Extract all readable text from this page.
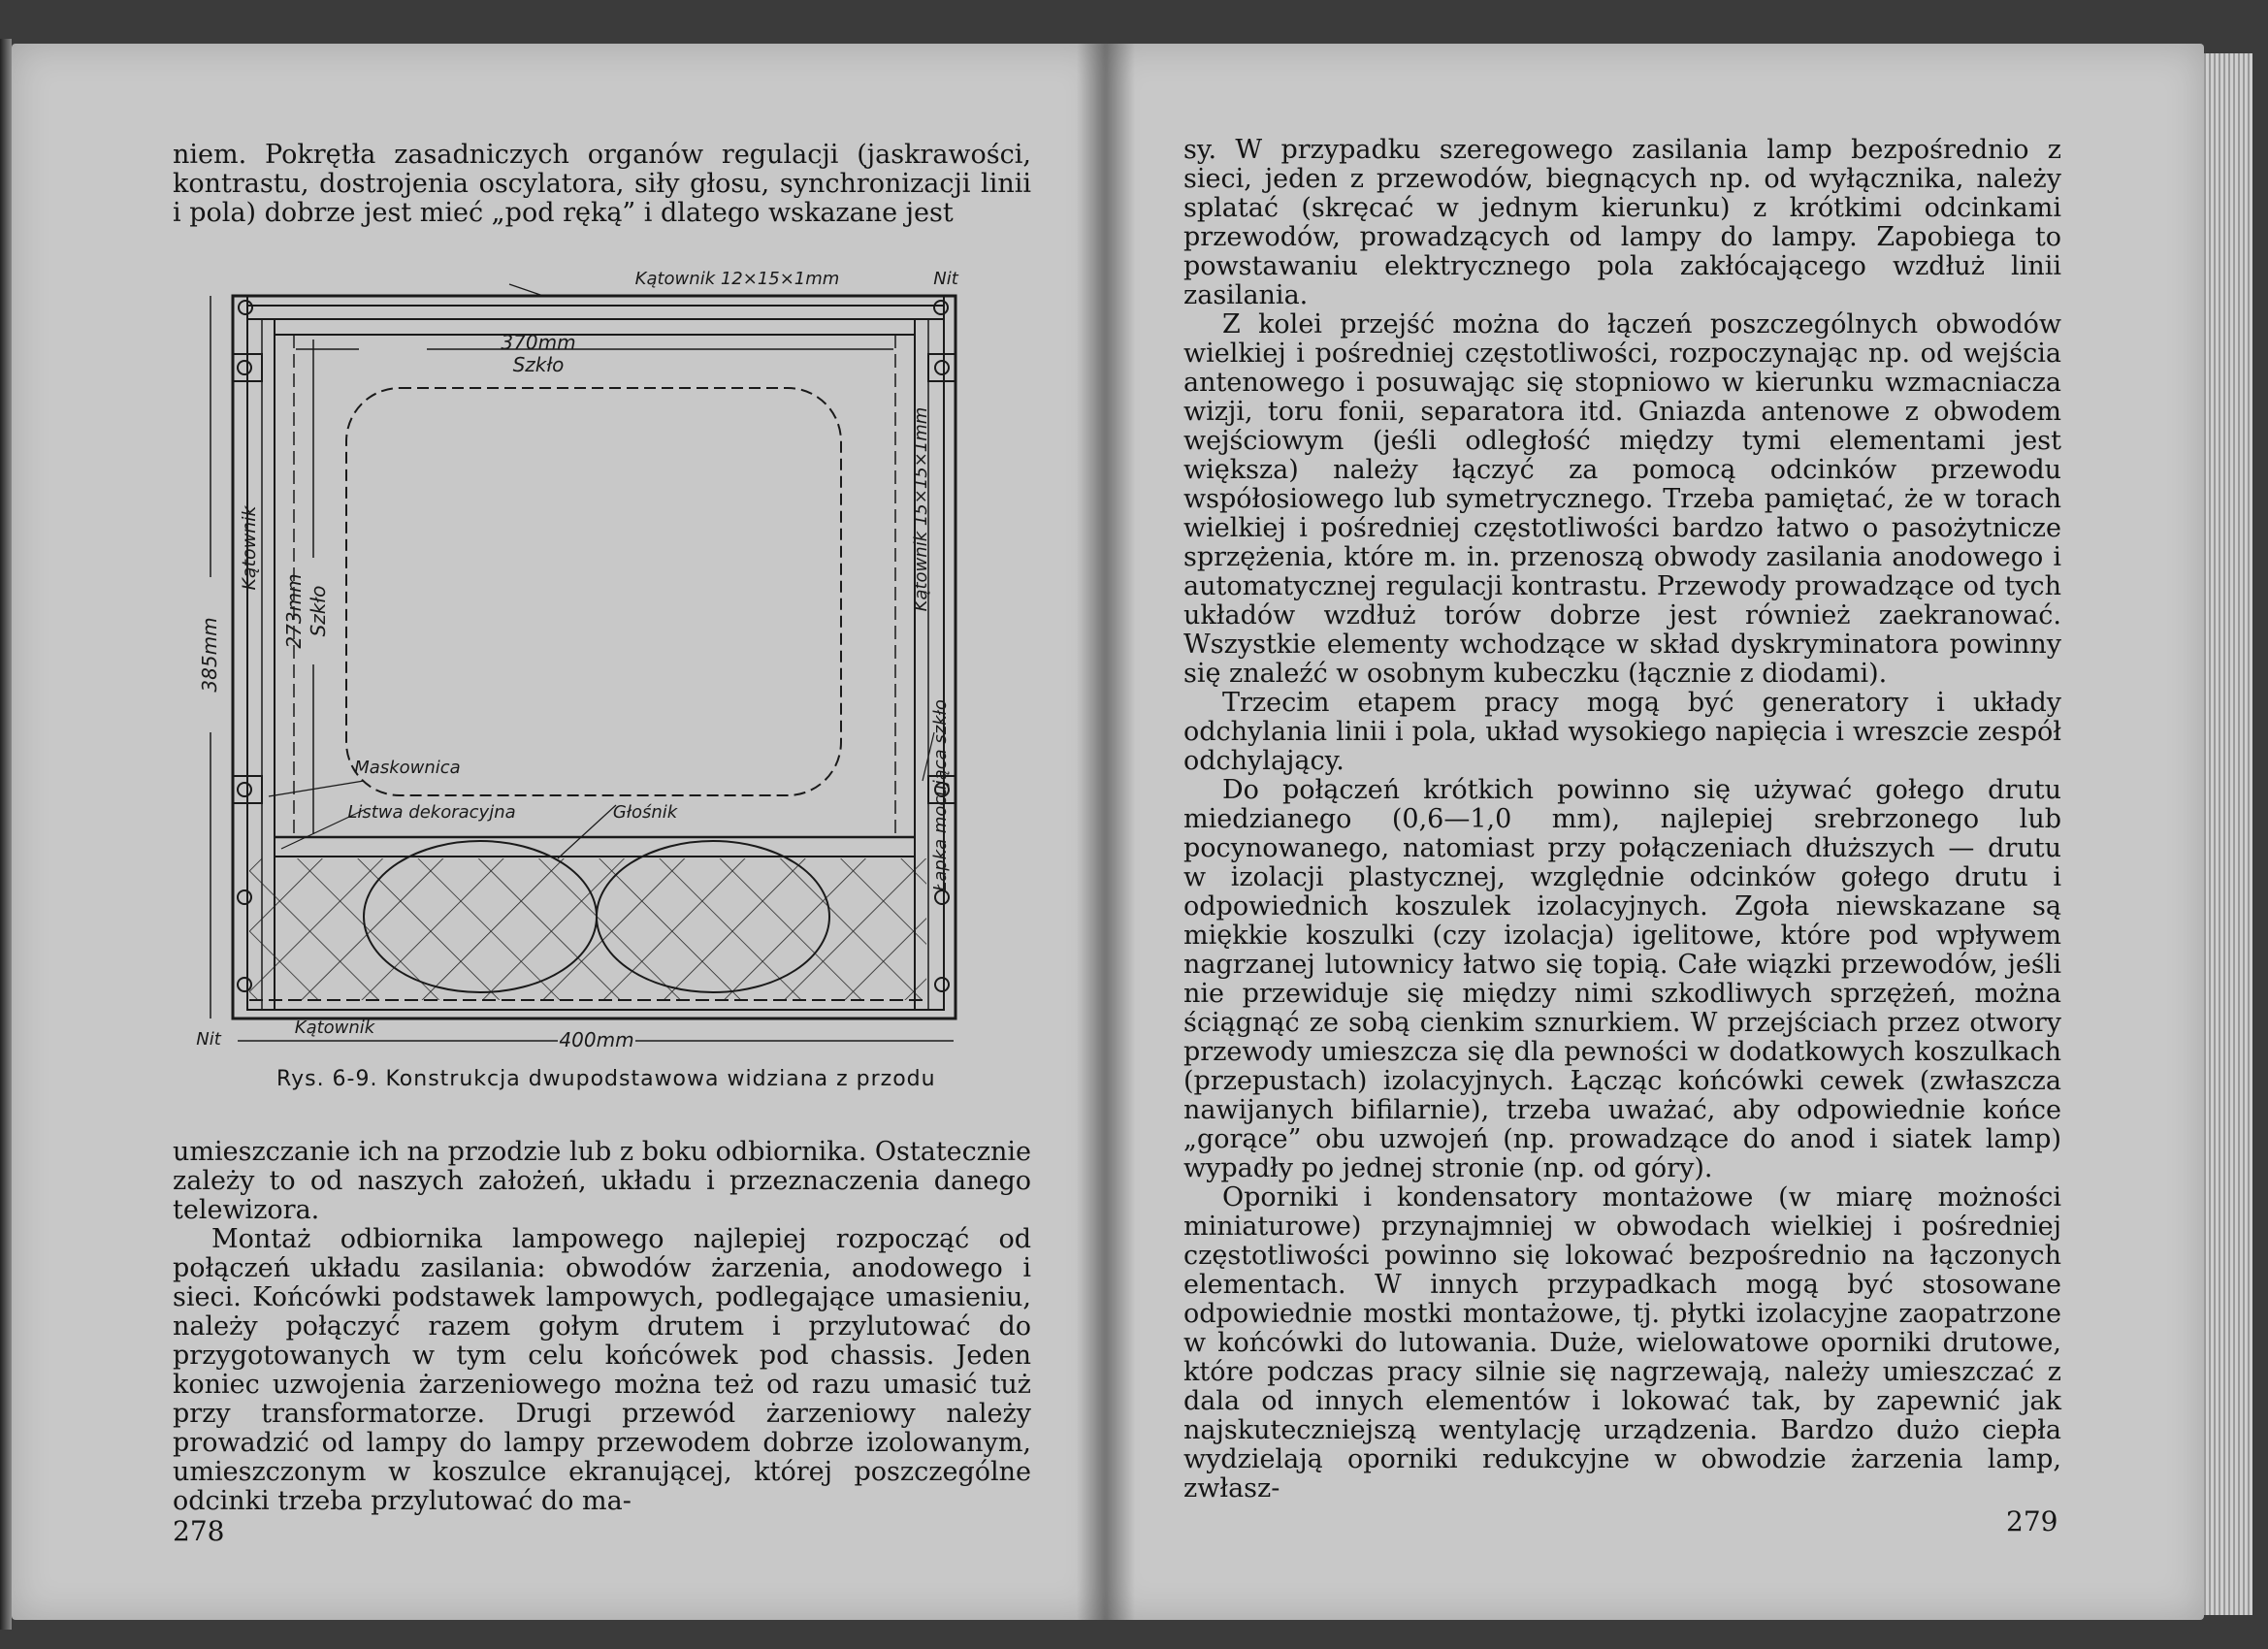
niem. Pokrętła zasadniczych organów regulacji (jaskrawości, kontrastu, dostrojenia oscylatora, siły głosu, synchronizacji linii i pola) dobrze jest mieć „pod ręką” i dlatego wskazane jest

Kątownik 12×15×1mm	Nit
370mm
Szkło
273mm Szkło
Kątownik
385mm
Kątownik 15×15×1mm
Maskownica
Listwa dekoracyjna	Głośnik	Łapka mocująca szkło
Nit
Kątownik
400mm
Rys. 6-9. Konstrukcja dwupodstawowa widziana z przodu

umieszczanie ich na przodzie lub z boku odbiornika. Ostatecznie zależy to od naszych założeń, układu i przeznaczenia danego telewizora.

Montaż odbiornika lampowego najlepiej rozpocząć od połączeń układu zasilania: obwodów żarzenia, anodowego i sieci. Końcówki podstawek lampowych, podlegające umasieniu, należy połączyć razem gołym drutem i przylutować do przygotowanych w tym celu końcówek pod chassis. Jeden koniec uzwojenia żarzeniowego można też od razu umasić tuż przy transformatorze. Drugi przewód żarzeniowy należy prowadzić od lampy do lampy przewodem dobrze izolowanym, umieszczonym w koszulce ekranującej, której poszczególne odcinki trzeba przylutować do ma-

278

sy. W przypadku szeregowego zasilania lamp bezpośrednio z sieci, jeden z przewodów, biegnących np. od wyłącznika, należy splatać (skręcać w jednym kierunku) z krótkimi odcinkami przewodów, prowadzących od lampy do lampy. Zapobiega to powstawaniu elektrycznego pola zakłócającego wzdłuż linii zasilania.

Z kolei przejść można do łączeń poszczególnych obwodów wielkiej i pośredniej częstotliwości, rozpoczynając np. od wejścia antenowego i posuwając się stopniowo w kierunku wzmacniacza wizji, toru fonii, separatora itd. Gniazda antenowe z obwodem wejściowym (jeśli odległość między tymi elementami jest większa) należy łączyć za pomocą odcinków przewodu współosiowego lub symetrycznego. Trzeba pamiętać, że w torach wielkiej i pośredniej częstotliwości bardzo łatwo o pasożytnicze sprzężenia, które m. in. przenoszą obwody zasilania anodowego i automatycznej regulacji kontrastu. Przewody prowadzące od tych układów wzdłuż torów dobrze jest również zaekranować. Wszystkie elementy wchodzące w skład dyskryminatora powinny się znaleźć w osobnym kubeczku (łącznie z diodami).

Trzecim etapem pracy mogą być generatory i układy odchylania linii i pola, układ wysokiego napięcia i wreszcie zespół odchylający.

Do połączeń krótkich powinno się używać gołego drutu miedzianego (0,6—1,0 mm), najlepiej srebrzonego lub pocynowanego, natomiast przy połączeniach dłuższych — drutu w izolacji plastycznej, względnie odcinków gołego drutu i odpowiednich koszulek izolacyjnych. Zgoła niewskazane są miękkie koszulki (czy izolacja) igelitowe, które pod wpływem nagrzanej lutownicy łatwo się topią. Całe wiązki przewodów, jeśli nie przewiduje się między nimi szkodliwych sprzężeń, można ściągnąć ze sobą cienkim sznurkiem. W przejściach przez otwory przewody umieszcza się dla pewności w dodatkowych koszulkach (przepustach) izolacyjnych. Łącząc końcówki cewek (zwłaszcza nawijanych bifilarnie), trzeba uważać, aby odpowiednie końce „gorące” obu uzwojeń (np. prowadzące do anod i siatek lamp) wypadły po jednej stronie (np. od góry).

Oporniki i kondensatory montażowe (w miarę możności miniaturowe) przynajmniej w obwodach wielkiej i pośredniej częstotliwości powinno się lokować bezpośrednio na łączonych elementach. W innych przypadkach mogą być stosowane odpowiednie mostki montażowe, tj. płytki izolacyjne zaopatrzone w końcówki do lutowania. Duże, wielowatowe oporniki drutowe, które podczas pracy silnie się nagrzewają, należy umieszczać z dala od innych elementów i lokować tak, by zapewnić jak najskuteczniejszą wentylację urządzenia. Bardzo dużo ciepła wydzielają oporniki redukcyjne w obwodzie żarzenia lamp, zwłasz-

279
